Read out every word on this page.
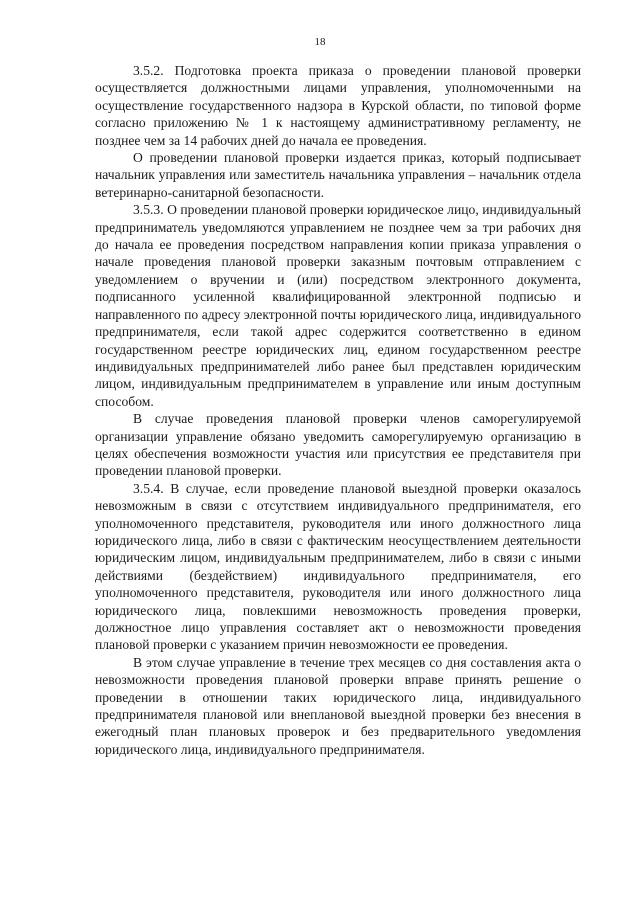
18

3.5.2. Подготовка проекта приказа о проведении плановой проверки осуществляется должностными лицами управления, уполномоченными на осуществление государственного надзора в Курской области, по типовой форме согласно приложению № 1 к настоящему административному регламенту, не позднее чем за 14 рабочих дней до начала ее проведения.

О проведении плановой проверки издается приказ, который подписывает начальник управления или заместитель начальника управления – начальник отдела ветеринарно-санитарной безопасности.

3.5.3. О проведении плановой проверки юридическое лицо, индивидуальный предприниматель уведомляются управлением не позднее чем за три рабочих дня до начала ее проведения посредством направления копии приказа управления о начале проведения плановой проверки заказным почтовым отправлением с уведомлением о вручении и (или) посредством электронного документа, подписанного усиленной квалифицированной электронной подписью и направленного по адресу электронной почты юридического лица, индивидуального предпринимателя, если такой адрес содержится соответственно в едином государственном реестре юридических лиц, едином государственном реестре индивидуальных предпринимателей либо ранее был представлен юридическим лицом, индивидуальным предпринимателем в управление или иным доступным способом.

В случае проведения плановой проверки членов саморегулируемой организации управление обязано уведомить саморегулируемую организацию в целях обеспечения возможности участия или присутствия ее представителя при проведении плановой проверки.

3.5.4. В случае, если проведение плановой выездной проверки оказалось невозможным в связи с отсутствием индивидуального предпринимателя, его уполномоченного представителя, руководителя или иного должностного лица юридического лица, либо в связи с фактическим неосуществлением деятельности юридическим лицом, индивидуальным предпринимателем, либо в связи с иными действиями (бездействием) индивидуального предпринимателя, его уполномоченного представителя, руководителя или иного должностного лица юридического лица, повлекшими невозможность проведения проверки, должностное лицо управления составляет акт о невозможности проведения плановой проверки с указанием причин невозможности ее проведения.

В этом случае управление в течение трех месяцев со дня составления акта о невозможности проведения плановой проверки вправе принять решение о проведении в отношении таких юридического лица, индивидуального предпринимателя плановой или внеплановой выездной проверки без внесения в ежегодный план плановых проверок и без предварительного уведомления юридического лица, индивидуального предпринимателя.
